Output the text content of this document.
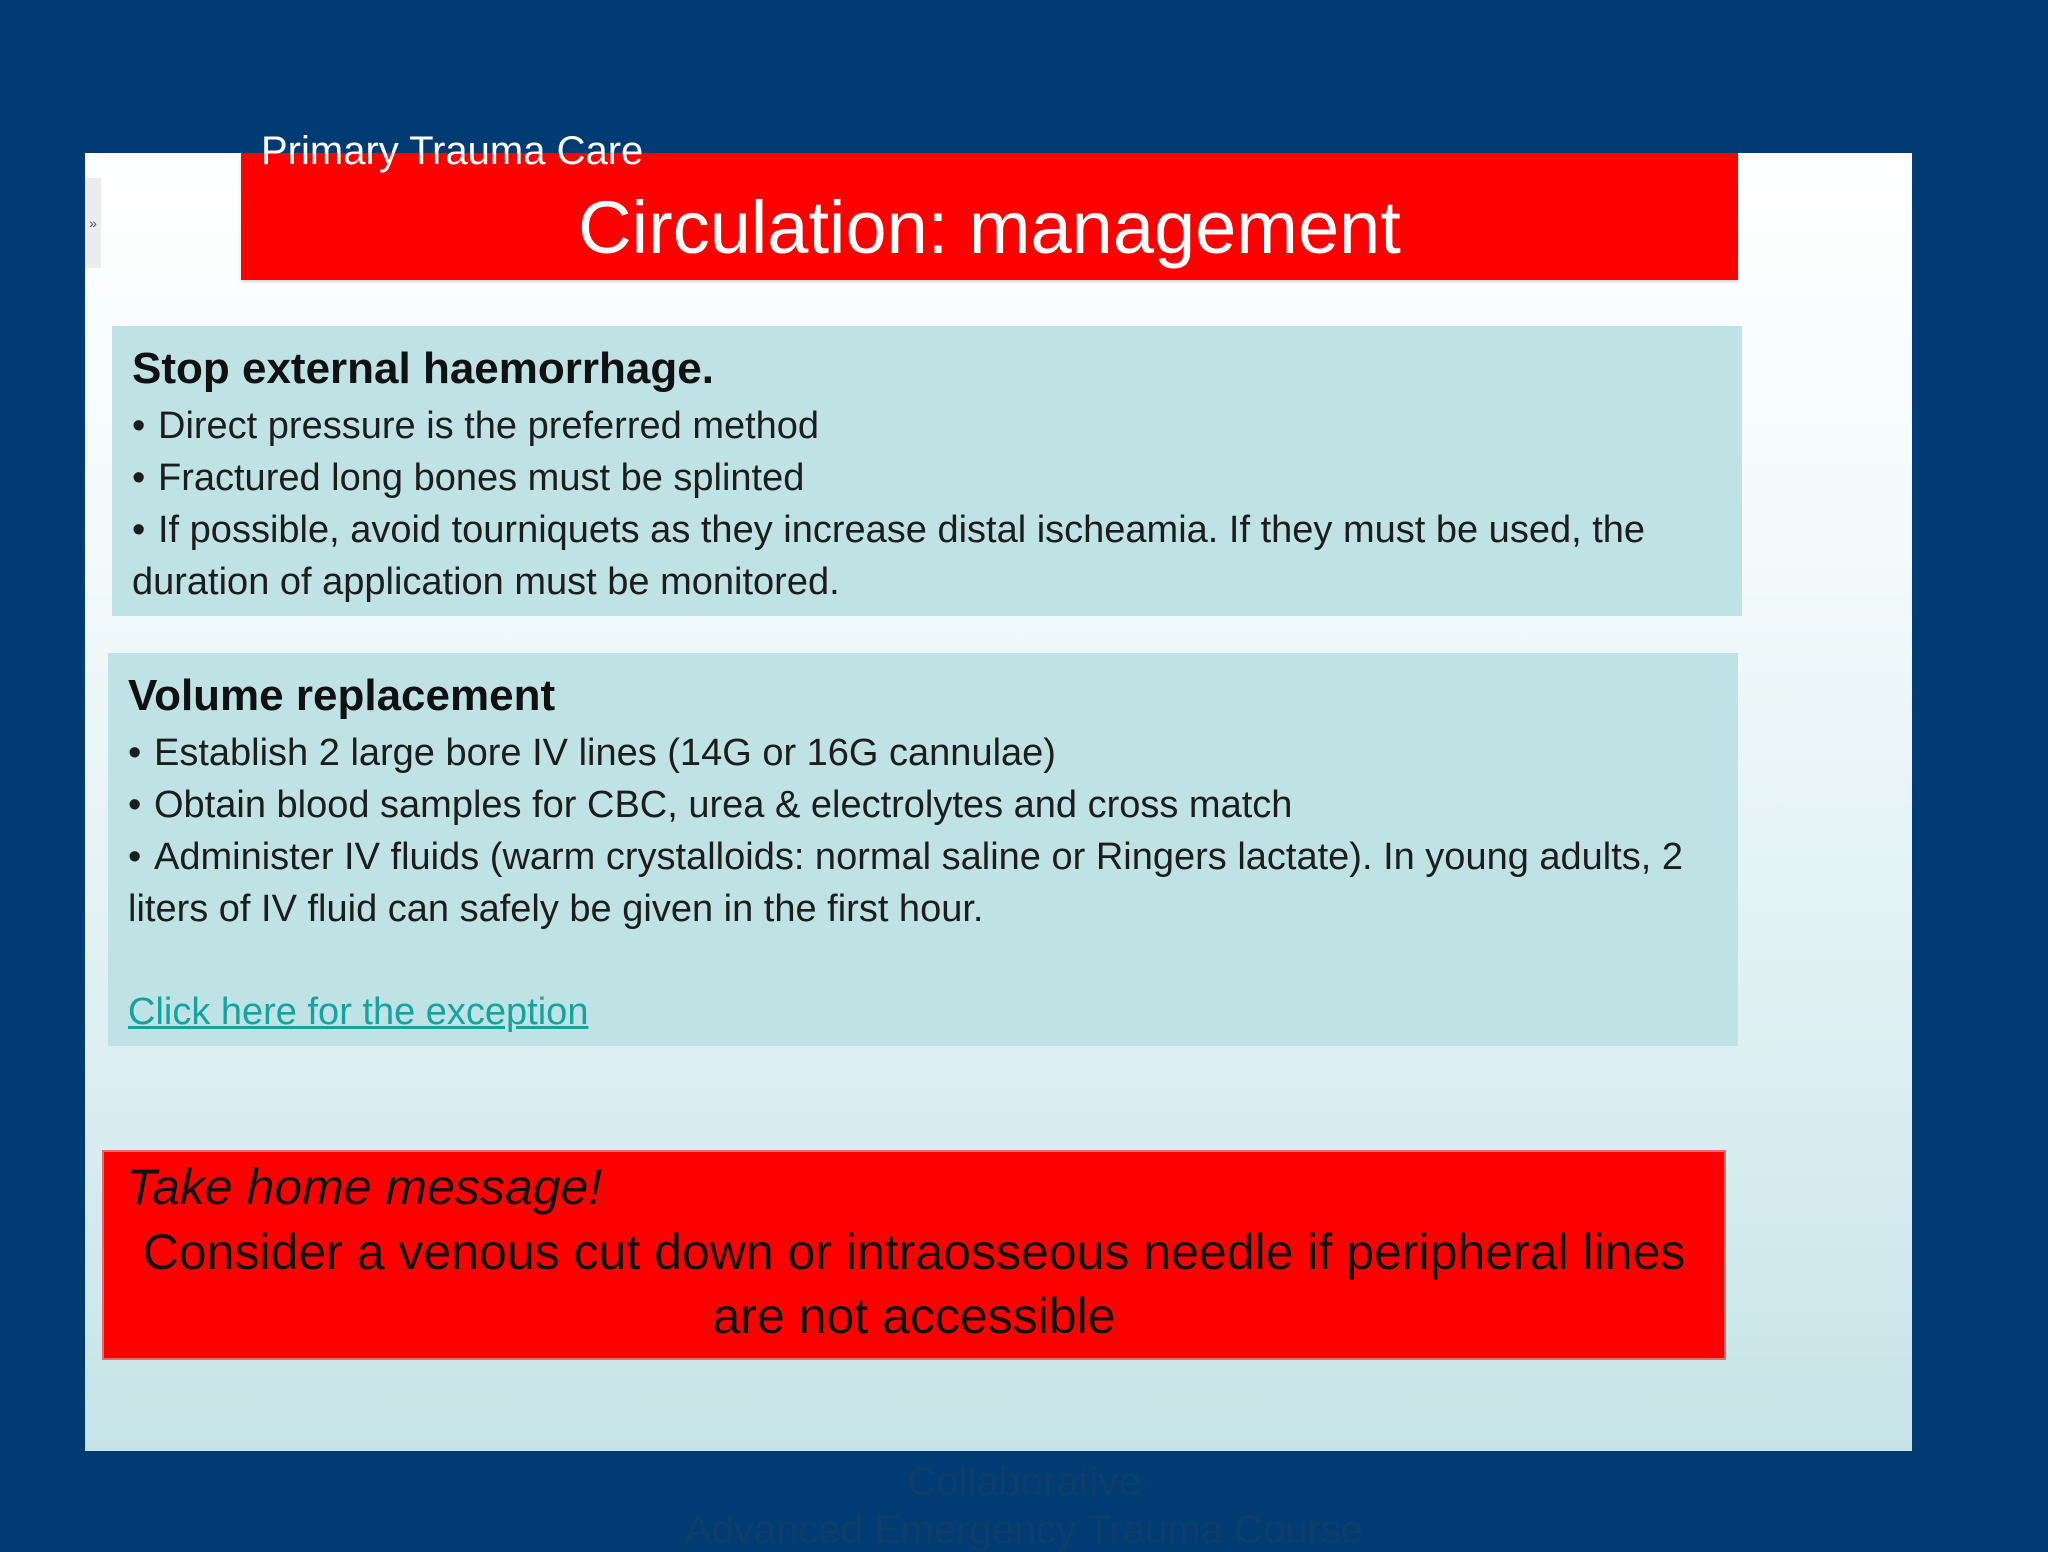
»
Primary Trauma Care
Circulation: management
Stop external haemorrhage.
• Direct pressure is the preferred method
• Fractured long bones must be splinted
• If possible, avoid tourniquets as they increase distal ischeamia. If they must be used, the duration of application must be monitored.
Volume replacement
• Establish 2 large bore IV lines (14G or 16G cannulae)
• Obtain blood samples for CBC, urea & electrolytes and cross match
• Administer IV fluids (warm crystalloids: normal saline or Ringers lactate). In young adults, 2 liters of IV fluid can safely be given in the first hour.
Click here for the exception
Take home message!
Consider a venous cut down or intraosseous needle if peripheral lines are not accessible
Collaborative
Advanced Emergency Trauma Course
